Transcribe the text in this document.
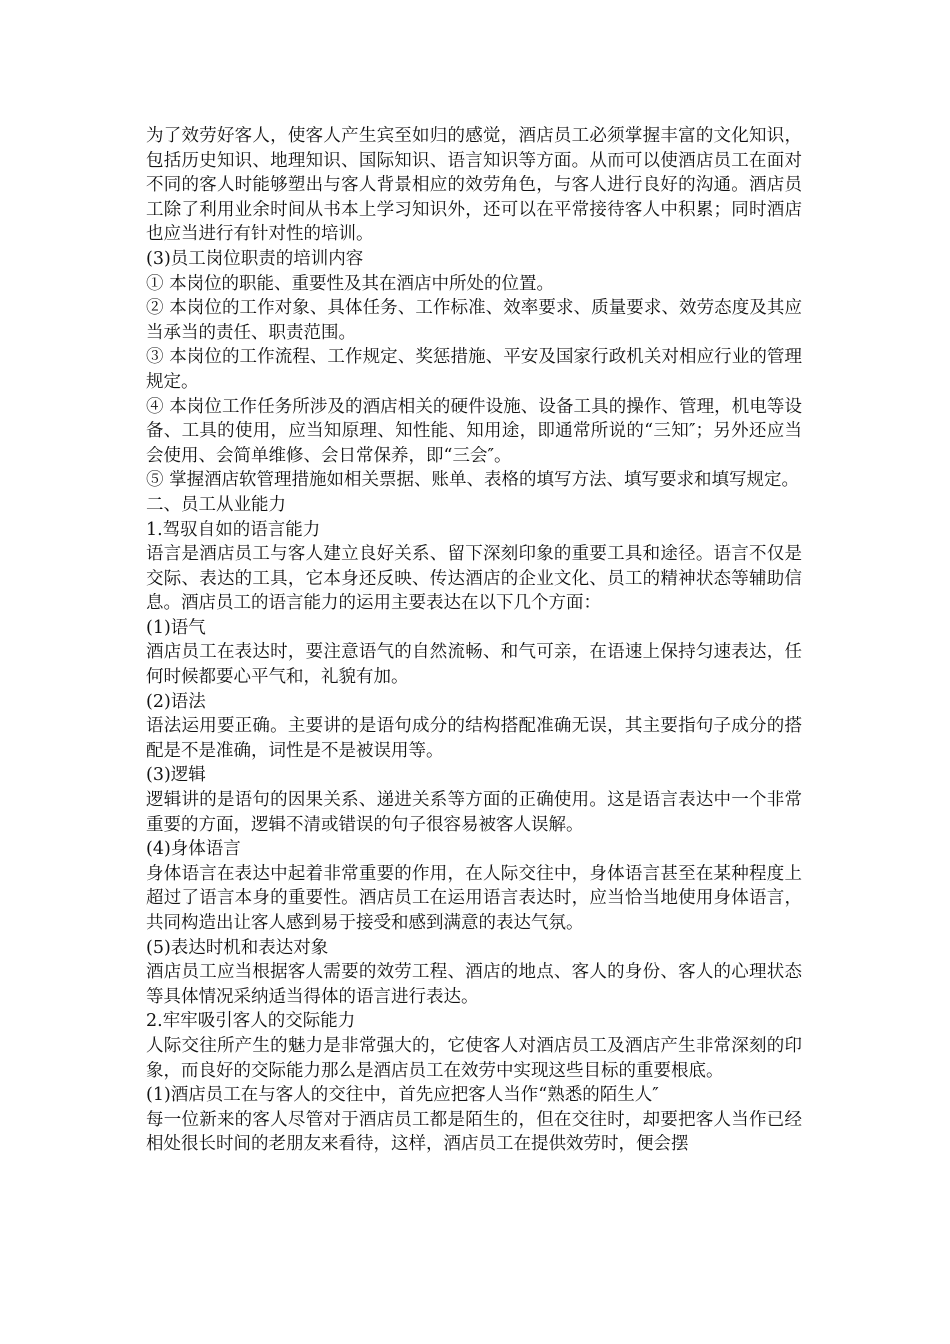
为了效劳好客人，使客人产生宾至如归的感觉，酒店员工必须掌握丰富的文化知识，包括历史知识、地理知识、国际知识、语言知识等方面。从而可以使酒店员工在面对不同的客人时能够塑出与客人背景相应的效劳角色，与客人进行良好的沟通。酒店员工除了利用业余时间从书本上学习知识外，还可以在平常接待客人中积累；同时酒店也应当进行有针对性的培训。

(3)员工岗位职责的培训内容

① 本岗位的职能、重要性及其在酒店中所处的位置。

② 本岗位的工作对象、具体任务、工作标准、效率要求、质量要求、效劳态度及其应当承当的责任、职责范围。

③ 本岗位的工作流程、工作规定、奖惩措施、平安及国家行政机关对相应行业的管理规定。

④ 本岗位工作任务所涉及的酒店相关的硬件设施、设备工具的操作、管理，机电等设备、工具的使用，应当知原理、知性能、知用途，即通常所说的“三知″；另外还应当会使用、会简单维修、会日常保养，即“三会″。

⑤ 掌握酒店软管理措施如相关票据、账单、表格的填写方法、填写要求和填写规定。

二、员工从业能力

1.驾驭自如的语言能力

语言是酒店员工与客人建立良好关系、留下深刻印象的重要工具和途径。语言不仅是交际、表达的工具，它本身还反映、传达酒店的企业文化、员工的精神状态等辅助信息。酒店员工的语言能力的运用主要表达在以下几个方面：

(1)语气

酒店员工在表达时，要注意语气的自然流畅、和气可亲，在语速上保持匀速表达，任何时候都要心平气和，礼貌有加。

(2)语法

语法运用要正确。主要讲的是语句成分的结构搭配准确无误，其主要指句子成分的搭配是不是准确，词性是不是被误用等。

(3)逻辑

逻辑讲的是语句的因果关系、递进关系等方面的正确使用。这是语言表达中一个非常重要的方面，逻辑不清或错误的句子很容易被客人误解。

(4)身体语言

身体语言在表达中起着非常重要的作用，在人际交往中，身体语言甚至在某种程度上超过了语言本身的重要性。酒店员工在运用语言表达时，应当恰当地使用身体语言，共同构造出让客人感到易于接受和感到满意的表达气氛。

(5)表达时机和表达对象

酒店员工应当根据客人需要的效劳工程、酒店的地点、客人的身份、客人的心理状态等具体情况采纳适当得体的语言进行表达。

2.牢牢吸引客人的交际能力

人际交往所产生的魅力是非常强大的，它使客人对酒店员工及酒店产生非常深刻的印象，而良好的交际能力那么是酒店员工在效劳中实现这些目标的重要根底。

(1)酒店员工在与客人的交往中，首先应把客人当作“熟悉的陌生人″

每一位新来的客人尽管对于酒店员工都是陌生的，但在交往时，却要把客人当作已经相处很长时间的老朋友来看待，这样，酒店员工在提供效劳时，便会摆
